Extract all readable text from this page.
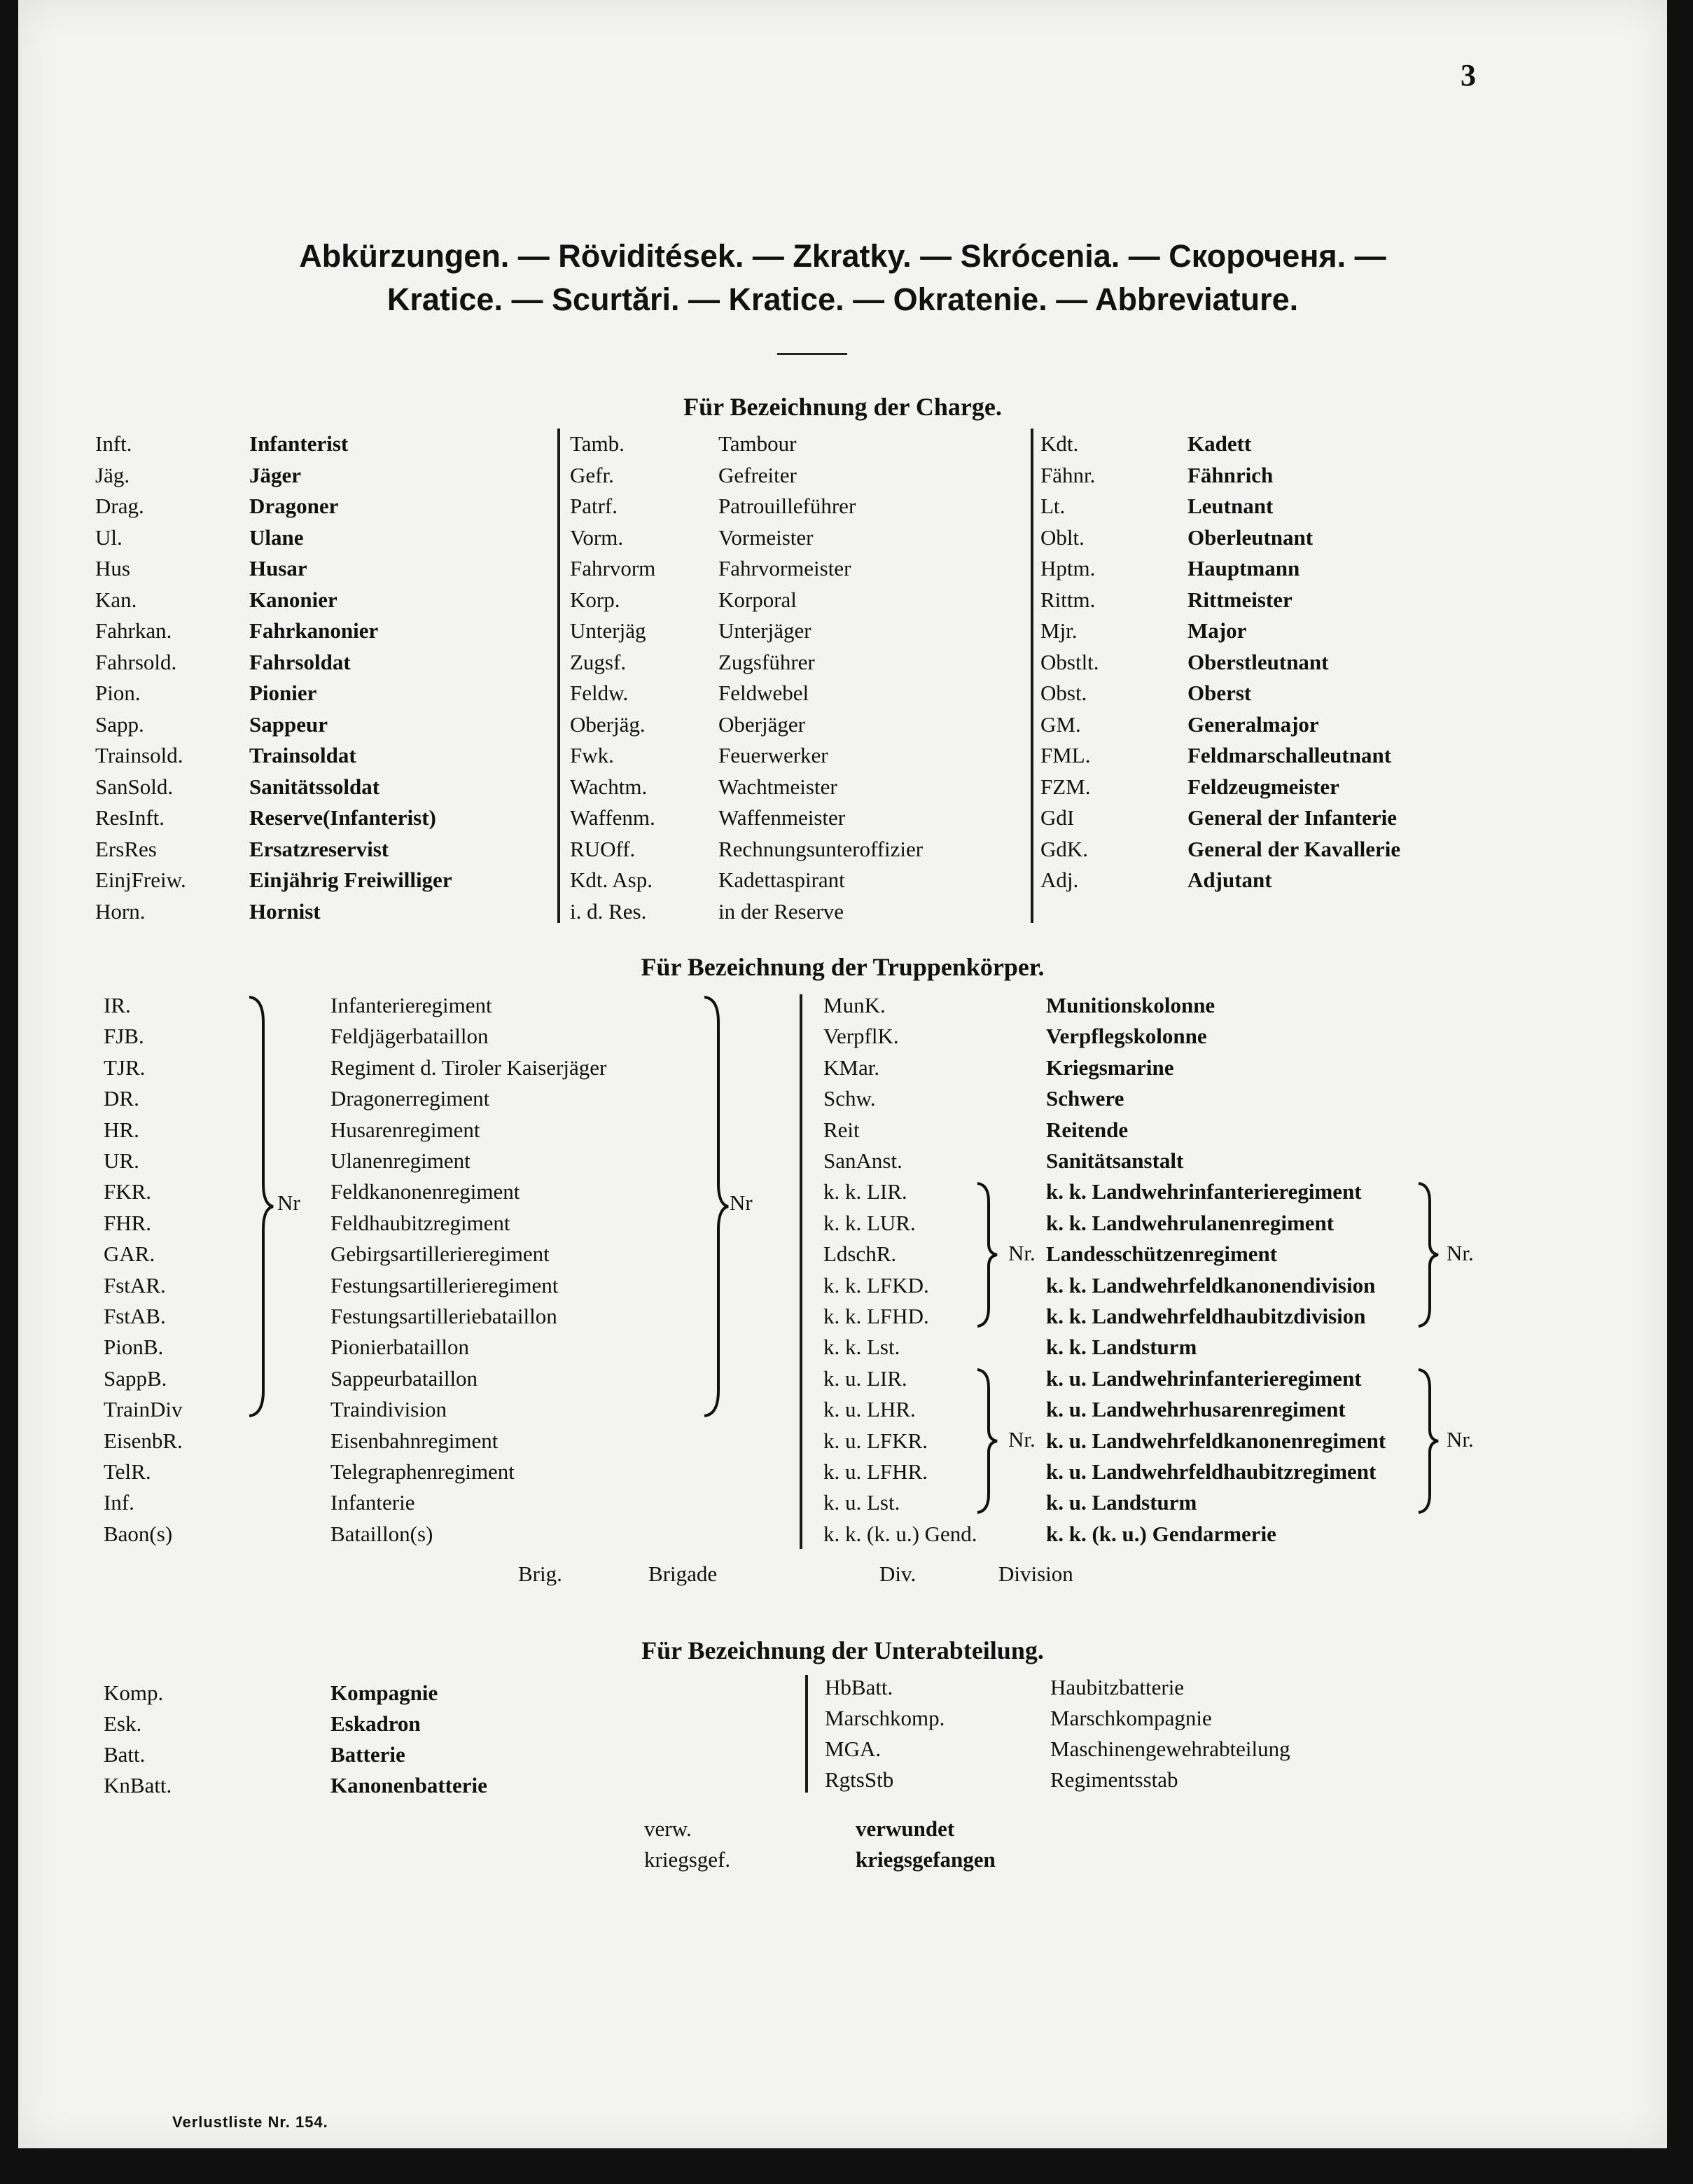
3
Abkürzungen. — Röviditések. — Zkratky. — Skrócenia. — Скороченя. —
Kratice. — Scurtări. — Kratice. — Okratenie. — Abbreviature.
Für Bezeichnung der Charge.
Inft.	Infanterist
Jäg.	Jäger
Drag.	Dragoner
Ul.	Ulane
Hus	Husar
Kan.	Kanonier
Fahrkan.	Fahrkanonier
Fahrsold.	Fahrsoldat
Pion.	Pionier
Sapp.	Sappeur
Trainsold.	Trainsoldat
SanSold.	Sanitätssoldat
ResInft.	Reserve(Infanterist)
ErsRes	Ersatzreservist
EinjFreiw.	Einjährig Freiwilliger
Horn.	Hornist
Tamb.	Tambour
Gefr.	Gefreiter
Patrf.	Patrouilleführer
Vorm.	Vormeister
Fahrvorm	Fahrvormeister
Korp.	Korporal
Unterjäg	Unterjäger
Zugsf.	Zugsführer
Feldw.	Feldwebel
Oberjäg.	Oberjäger
Fwk.	Feuerwerker
Wachtm.	Wachtmeister
Waffenm.	Waffenmeister
RUOff.	Rechnungsunteroffizier
Kdt. Asp.	Kadettaspirant
i. d. Res.	in der Reserve
Kdt.	Kadett
Fähnr.	Fähnrich
Lt.	Leutnant
Oblt.	Oberleutnant
Hptm.	Hauptmann
Rittm.	Rittmeister
Mjr.	Major
Obstlt.	Oberstleutnant
Obst.	Oberst
GM.	Generalmajor
FML.	Feldmarschalleutnant
FZM.	Feldzeugmeister
GdI	General der Infanterie
GdK.	General der Kavallerie
Adj.	Adjutant
Für Bezeichnung der Truppenkörper.
IR.	Infanterieregiment
FJB.	Feldjägerbataillon
TJR.	Regiment d. Tiroler Kaiserjäger
DR.	Dragonerregiment
HR.	Husarenregiment
UR.	Ulanenregiment
FKR.	Feldkanonenregiment
FHR.	Feldhaubitzregiment
GAR.	Gebirgsartillerieregiment
FstAR.	Festungsartillerieregiment
FstAB.	Festungsartilleriebataillon
PionB.	Pionierbataillon
SappB.	Sappeurbataillon
TrainDiv	Traindivision
EisenbR.	Eisenbahnregiment
TelR.	Telegraphenregiment
Inf.	Infanterie
Baon(s)	Bataillon(s)
MunK.	Munitionskolonne
VerpflK.	Verpflegskolonne
KMar.	Kriegsmarine
Schw.	Schwere
Reit	Reitende
SanAnst.	Sanitätsanstalt
k. k. LIR.	k. k. Landwehrinfanterieregiment
k. k. LUR.	k. k. Landwehrulanenregiment
LdschR.	Landesschützenregiment
k. k. LFKD.	k. k. Landwehrfeldkanonendivision
k. k. LFHD.	k. k. Landwehrfeldhaubitzdivision
k. k. Lst.	k. k. Landsturm
k. u. LIR.	k. u. Landwehrinfanterieregiment
k. u. LHR.	k. u. Landwehrhusarenregiment
k. u. LFKR.	k. u. Landwehrfeldkanonenregiment
k. u. LFHR.	k. u. Landwehrfeldhaubitzregiment
k. u. Lst.	k. u. Landsturm
k. k. (k. u.) Gend.	k. k. (k. u.) Gendarmerie
Nr	Nr
Nr.	Nr.
Nr.	Nr.
Brig.	Brigade	Div.	Division
Für Bezeichnung der Unterabteilung.
Komp.	Kompagnie
Esk.	Eskadron
Batt.	Batterie
KnBatt.	Kanonenbatterie
HbBatt.	Haubitzbatterie
Marschkomp.	Marschkompagnie
MGA.	Maschinengewehrabteilung
RgtsStb	Regimentsstab
verw.	verwundet
kriegsgef.	kriegsgefangen
Verlustliste Nr. 154.
